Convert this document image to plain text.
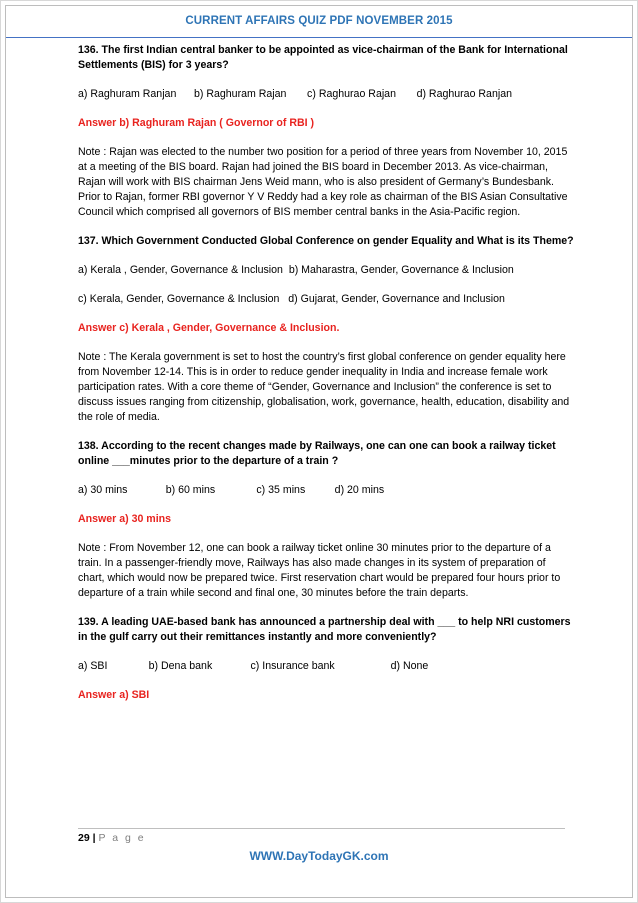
CURRENT AFFAIRS QUIZ PDF NOVEMBER 2015
136. The first Indian central banker to be appointed as vice-chairman of the Bank for International Settlements (BIS) for 3 years?
a) Raghuram Ranjan      b) Raghuram Rajan       c) Raghurao Rajan       d) Raghurao Ranjan
Answer b) Raghuram Rajan ( Governor of RBI )
Note : Rajan was elected to the number two position for a period of three years from November 10, 2015 at a meeting of the BIS board. Rajan had joined the BIS board in December 2013. As vice-chairman, Rajan will work with BIS chairman Jens Weid mann, who is also president of Germany’s Bundesbank. Prior to Rajan, former RBI governor Y V Reddy had a key role as chairman of the BIS Asian Consultative Council which comprised all governors of BIS member central banks in the Asia-Pacific region.
137. Which Government Conducted Global Conference on gender Equality and What is its Theme?
a) Kerala , Gender, Governance & Inclusion  b) Maharastra, Gender, Governance & Inclusion
c) Kerala, Gender, Governance & Inclusion   d) Gujarat, Gender, Governance and Inclusion
Answer c) Kerala , Gender, Governance & Inclusion.
Note : The Kerala government is set to host the country’s first global conference on gender equality here from November 12-14. This is in order to reduce gender inequality in India and increase female work participation rates. With a core theme of “Gender, Governance and Inclusion” the conference is set to discuss issues ranging from citizenship, globalisation, work, governance, health, education, disability and the role of media.
138. According to the recent changes made by Railways, one can one can book a railway ticket online ___minutes prior to the departure of a train ?
a) 30 mins             b) 60 mins              c) 35 mins          d) 20 mins
Answer a) 30 mins
Note : From November 12, one can book a railway ticket online 30 minutes prior to the departure of a train. In a passenger-friendly move, Railways has also made changes in its system of preparation of chart, which would now be prepared twice. First reservation chart would be prepared four hours prior to departure of a train while second and final one, 30 minutes before the train departs.
139. A leading UAE-based bank has announced a partnership deal with ___ to help NRI customers in the gulf carry out their remittances instantly and more conveniently?
a) SBI              b) Dena bank             c) Insurance bank                   d) None
Answer a) SBI
29 | P a g e
WWW.DayTodayGK.com
